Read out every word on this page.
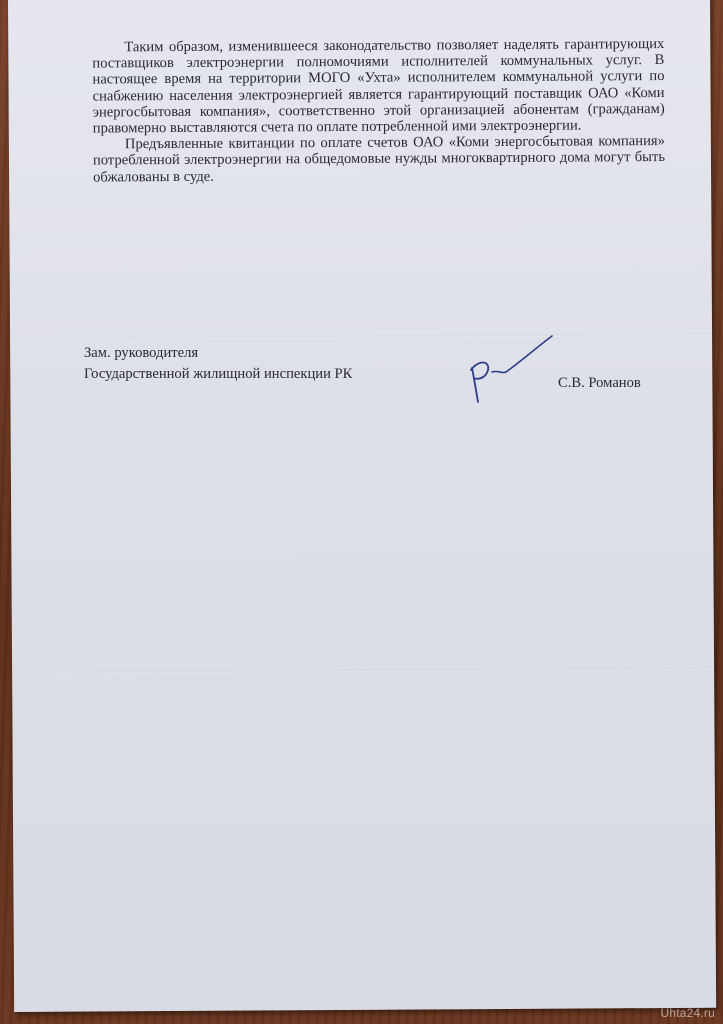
Таким образом, изменившееся законодательство позволяет наделять гарантирующих поставщиков электроэнергии полномочиями исполнителей коммунальных услуг. В настоящее время на территории МОГО «Ухта» исполнителем коммунальной услуги по снабжению населения электроэнергией является гарантирующий поставщик ОАО «Коми энергосбытовая компания», соответственно этой организацией абонентам (гражданам) правомерно выставляются счета по оплате потребленной ими электроэнергии.

Предъявленные квитанции по оплате счетов ОАО «Коми энергосбытовая компания» потребленной электроэнергии на общедомовые нужды многоквартирного дома могут быть обжалованы в суде.

Зам. руководителя
Государственной жилищной инспекции РК
С.В. Романов
Uhta24.ru
